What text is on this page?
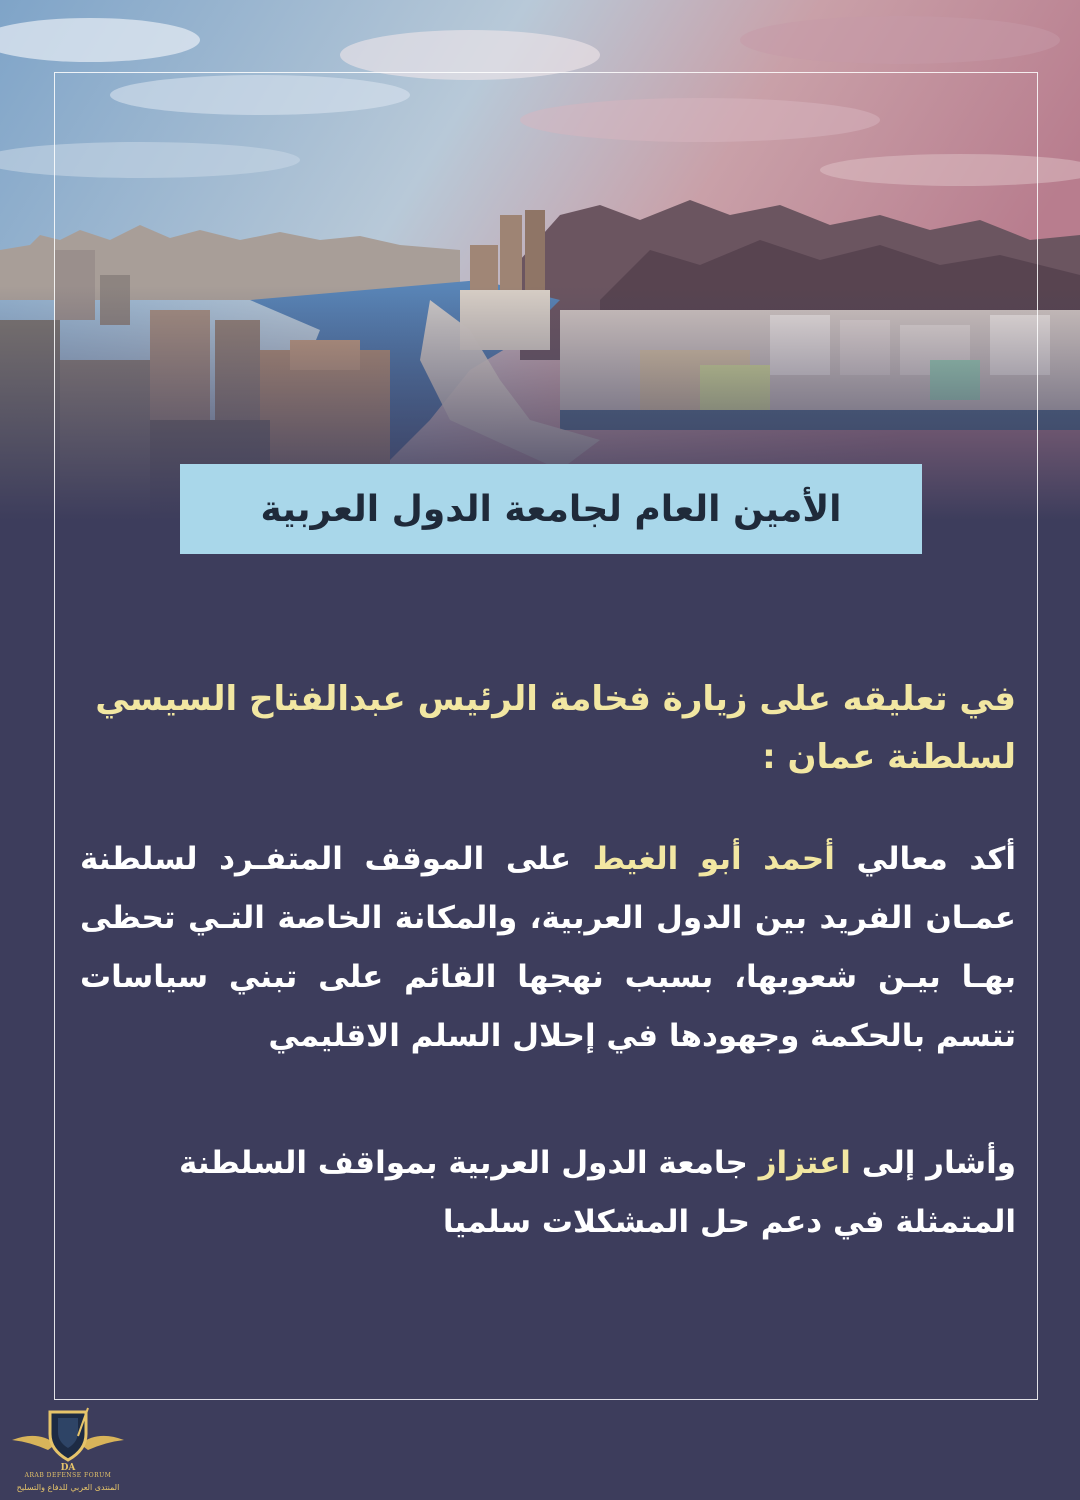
الأمين العام لجامعة الدول العربية
في تعليقه على زيارة فخامة الرئيس عبدالفتاح السيسي لسلطنة عمان :
أكد معالي أحمد أبو الغيط على الموقف المتفـرد لسلطنة عمـان الفريد بين الدول العربية، والمكانة الخاصة التـي تحظى بهـا بيـن شعوبها، بسبب نهجها القائم على تبني سياسات تتسم بالحكمة وجهودها في إحلال السلم الاقليمي
وأشار إلى اعتزاز جامعة الدول العربية بمواقف السلطنة المتمثلة في دعم حل المشكلات سلميا
DA
ARAB DEFENSE FORUM
المنتدى العربي للدفاع والتسليح
